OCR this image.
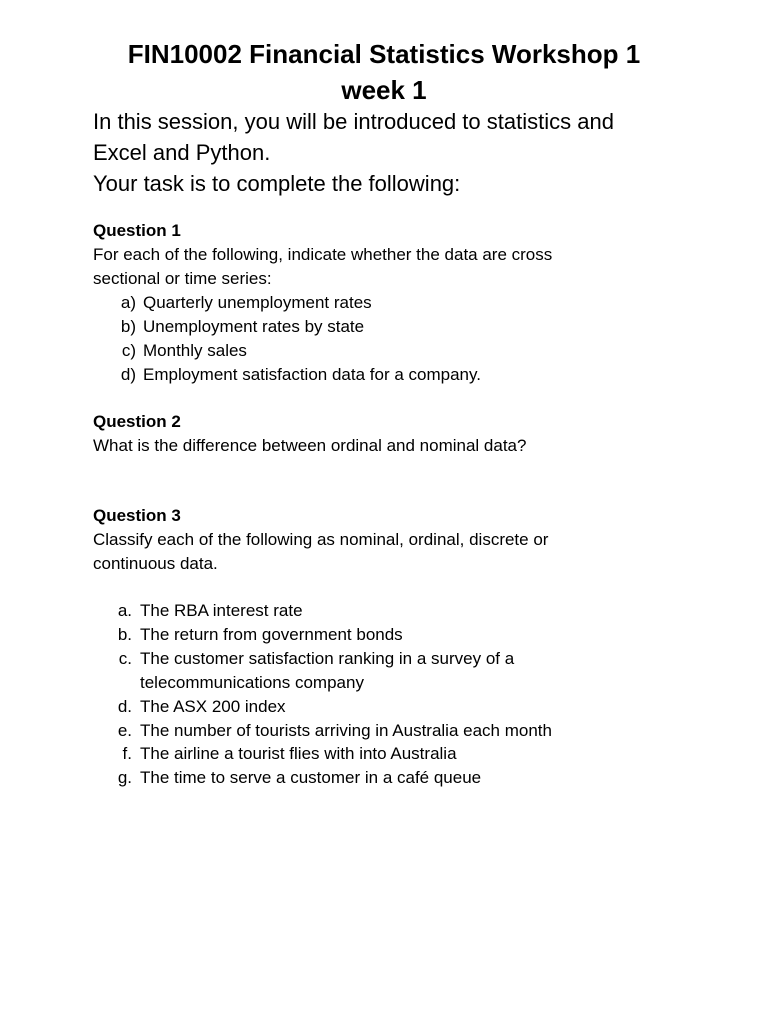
FIN10002 Financial Statistics Workshop 1
week 1
In this session, you will be introduced to statistics and
Excel and Python.
Your task is to complete the following:
Question 1
For each of the following, indicate whether the data are cross
sectional or time series:
a) Quarterly unemployment rates
b) Unemployment rates by state
c) Monthly sales
d) Employment satisfaction data for a company.
Question 2
What is the difference between ordinal and nominal data?
Question 3
Classify each of the following as nominal, ordinal, discrete or
continuous data.
a. The RBA interest rate
b. The return from government bonds
c. The customer satisfaction ranking in a survey of a
telecommunications company
d. The ASX 200 index
e. The number of tourists arriving in Australia each month
f. The airline a tourist flies with into Australia
g. The time to serve a customer in a café queue
